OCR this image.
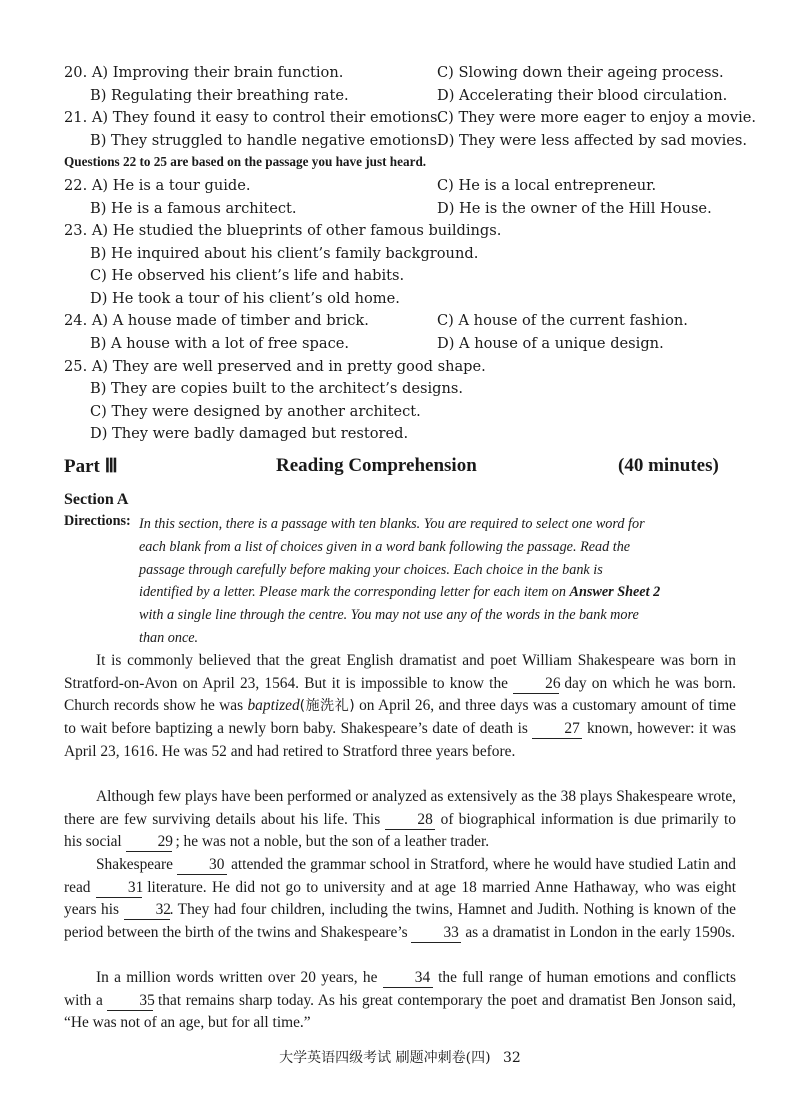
20. A) Improving their brain function.	C) Slowing down their ageing process.
B) Regulating their breathing rate.	D) Accelerating their blood circulation.
21. A) They found it easy to control their emotions.
C) They were more eager to enjoy a movie.
B) They struggled to handle negative emotions.
D) They were less affected by sad movies.
Questions 22 to 25 are based on the passage you have just heard.
22. A) He is a tour guide.	C) He is a local entrepreneur.
B) He is a famous architect.	D) He is the owner of the Hill House.
23. A) He studied the blueprints of other famous buildings.
B) He inquired about his client’s family background.
C) He observed his client’s life and habits.
D) He took a tour of his client’s old home.
24. A) A house made of timber and brick.	C) A house of the current fashion.
B) A house with a lot of free space.	D) A house of a unique design.
25. A) They are well preserved and in pretty good shape.
B) They are copies built to the architect’s designs.
C) They were designed by another architect.
D) They were badly damaged but restored.
Part Ⅲ	Reading Comprehension	(40 minutes)
Section A
Directions: In this section, there is a passage with ten blanks. You are required to select one word for
each blank from a list of choices given in a word bank following the passage. Read the
passage through carefully before making your choices. Each choice in the bank is
identified by a letter. Please mark the corresponding letter for each item on Answer Sheet 2
with a single line through the centre. You may not use any of the words in the bank more
than once.
It is commonly believed that the great English dramatist and poet William Shakespeare was born in Stratford-on-Avon on April 23, 1564. But it is impossible to know the 26 day on which he was born. Church records show he was baptized(施洗礼) on April 26, and three days was a customary amount of time to wait before baptizing a newly born baby. Shakespeare’s date of death is 27 known, however: it was April 23, 1616. He was 52 and had retired to Stratford three years before.
Although few plays have been performed or analyzed as extensively as the 38 plays Shakespeare wrote, there are few surviving details about his life. This 28 of biographical information is due primarily to his social 29 ; he was not a noble, but the son of a leather trader.
Shakespeare 30 attended the grammar school in Stratford, where he would have studied Latin and read 31 literature. He did not go to university and at age 18 married Anne Hathaway, who was eight years his 32. They had four children, including the twins, Hamnet and Judith. Nothing is known of the period between the birth of the twins and Shakespeare’s 33 as a dramatist in London in the early 1590s.
In a million words written over 20 years, he 34 the full range of human emotions and conflicts with a 35 that remains sharp today. As his great contemporary the poet and dramatist Ben Jonson said, “He was not of an age, but for all time.”
大学英语四级考试 刷题冲刺卷(四) 32
